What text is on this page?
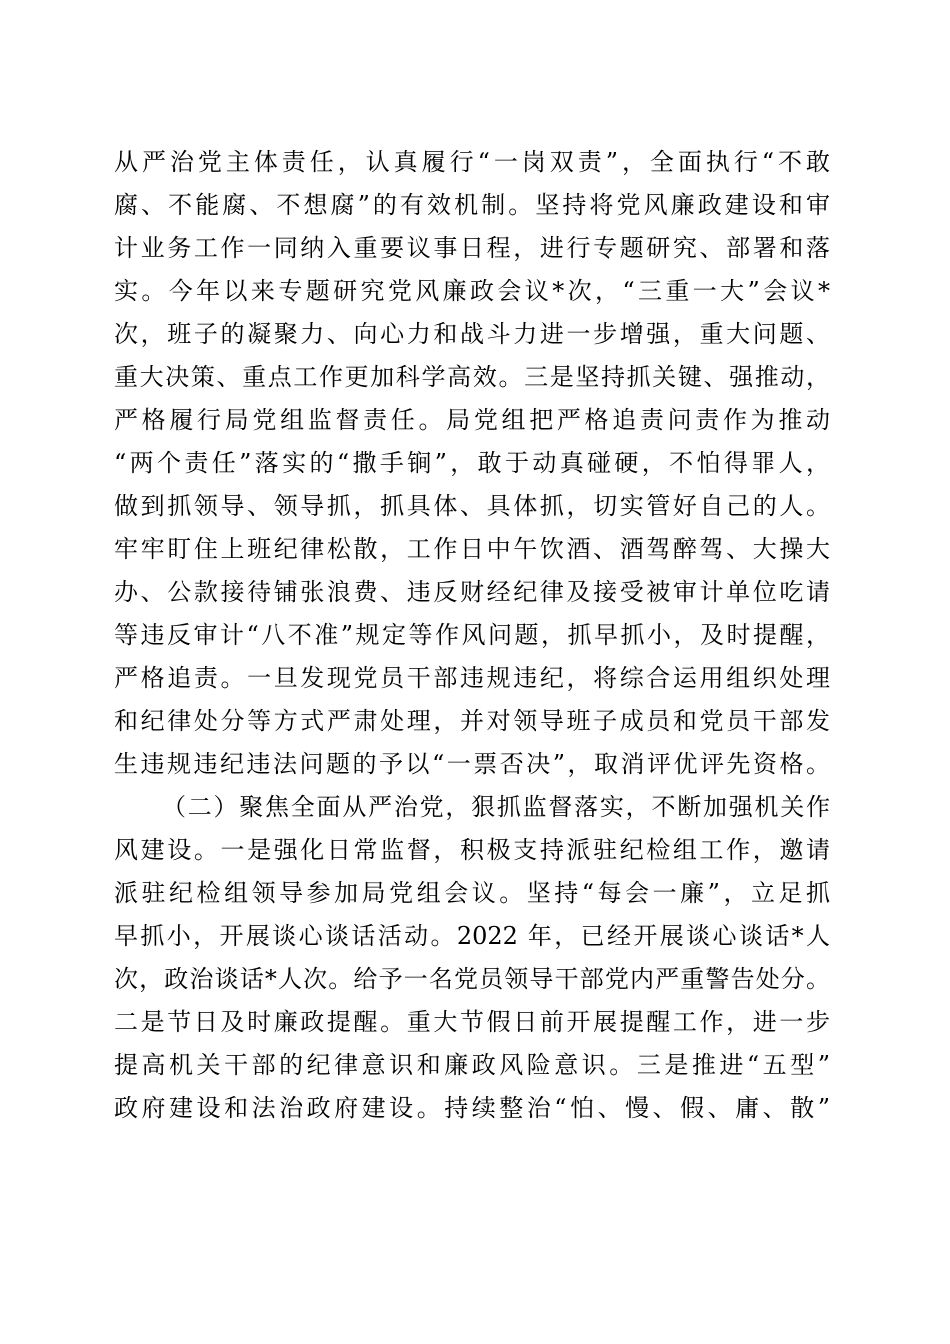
从严治党主体责任，认真履行“一岗双责”，全面执行“不敢
腐、不能腐、不想腐”的有效机制。坚持将党风廉政建设和审
计业务工作一同纳入重要议事日程，进行专题研究、部署和落
实。今年以来专题研究党风廉政会议*次，“三重一大”会议*
次，班子的凝聚力、向心力和战斗力进一步增强，重大问题、
重大决策、重点工作更加科学高效。三是坚持抓关键、强推动，
严格履行局党组监督责任。局党组把严格追责问责作为推动
“两个责任”落实的“撒手锏”，敢于动真碰硬，不怕得罪人，
做到抓领导、领导抓，抓具体、具体抓，切实管好自己的人。
牢牢盯住上班纪律松散，工作日中午饮酒、酒驾醉驾、大操大
办、公款接待铺张浪费、违反财经纪律及接受被审计单位吃请
等违反审计“八不准”规定等作风问题，抓早抓小，及时提醒，
严格追责。一旦发现党员干部违规违纪，将综合运用组织处理
和纪律处分等方式严肃处理，并对领导班子成员和党员干部发
生违规违纪违法问题的予以“一票否决”，取消评优评先资格。
（二）聚焦全面从严治党，狠抓监督落实，不断加强机关作
风建设。一是强化日常监督，积极支持派驻纪检组工作，邀请
派驻纪检组领导参加局党组会议。坚持“每会一廉”，立足抓
早抓小，开展谈心谈话活动。2022 年，已经开展谈心谈话*人
次，政治谈话*人次。给予一名党员领导干部党内严重警告处分。
二是节日及时廉政提醒。重大节假日前开展提醒工作，进一步
提高机关干部的纪律意识和廉政风险意识。三是推进“五型”
政府建设和法治政府建设。持续整治“怕、慢、假、庸、散”
